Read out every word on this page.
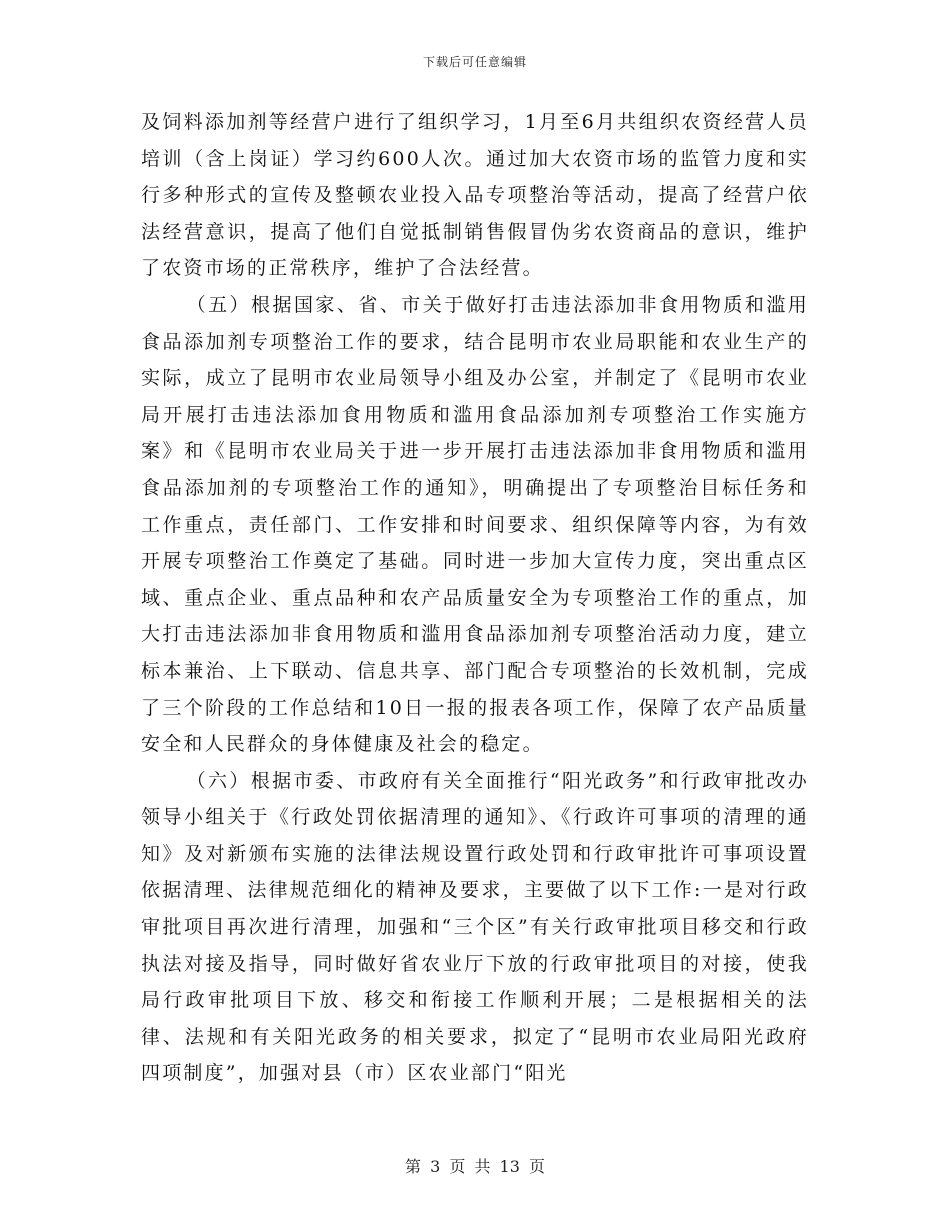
下载后可任意编辑

及饲料添加剂等经营户进行了组织学习，1月至6月共组织农资经营人员培训（含上岗证）学习约600人次。通过加大农资市场的监管力度和实行多种形式的宣传及整顿农业投入品专项整治等活动，提高了经营户依法经营意识，提高了他们自觉抵制销售假冒伪劣农资商品的意识，维护了农资市场的正常秩序，维护了合法经营。

（五）根据国家、省、市关于做好打击违法添加非食用物质和滥用食品添加剂专项整治工作的要求，结合昆明市农业局职能和农业生产的实际，成立了昆明市农业局领导小组及办公室，并制定了《昆明市农业局开展打击违法添加食用物质和滥用食品添加剂专项整治工作实施方案》和《昆明市农业局关于进一步开展打击违法添加非食用物质和滥用食品添加剂的专项整治工作的通知》，明确提出了专项整治目标任务和工作重点，责任部门、工作安排和时间要求、组织保障等内容，为有效开展专项整治工作奠定了基础。同时进一步加大宣传力度，突出重点区域、重点企业、重点品种和农产品质量安全为专项整治工作的重点，加大打击违法添加非食用物质和滥用食品添加剂专项整治活动力度，建立标本兼治、上下联动、信息共享、部门配合专项整治的长效机制，完成了三个阶段的工作总结和10日一报的报表各项工作，保障了农产品质量安全和人民群众的身体健康及社会的稳定。

（六）根据市委、市政府有关全面推行“阳光政务”和行政审批改办领导小组关于《行政处罚依据清理的通知》、《行政许可事项的清理的通知》及对新颁布实施的法律法规设置行政处罚和行政审批许可事项设置依据清理、法律规范细化的精神及要求，主要做了以下工作:一是对行政审批项目再次进行清理，加强和“三个区”有关行政审批项目移交和行政执法对接及指导，同时做好省农业厅下放的行政审批项目的对接，使我局行政审批项目下放、移交和衔接工作顺利开展；二是根据相关的法律、法规和有关阳光政务的相关要求，拟定了“昆明市农业局阳光政府四项制度”，加强对县（市）区农业部门“阳光

第 3 页 共 13 页
